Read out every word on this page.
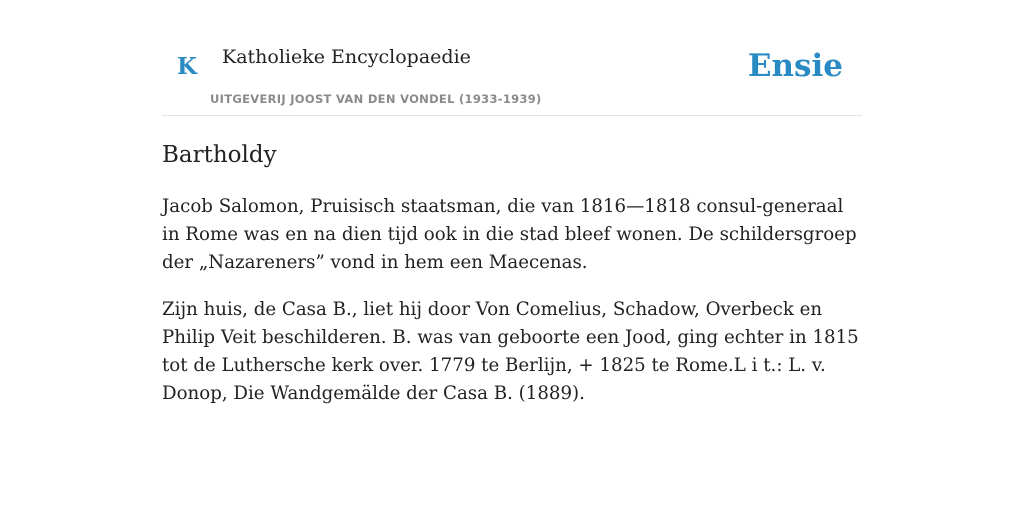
K Katholieke Encyclopaedie
UITGEVERIJ JOOST VAN DEN VONDEL (1933-1939)
Ensie
Bartholdy

Jacob Salomon, Pruisisch staatsman, die van 1816—1818 consul-generaal in Rome was en na dien tijd ook in die stad bleef wonen. De schildersgroep der „Nazareners” vond in hem een Maecenas.

Zijn huis, de Casa B., liet hij door Von Comelius, Schadow, Overbeck en Philip Veit beschilderen. B. was van geboorte een Jood, ging echter in 1815 tot de Luthersche kerk over. 1779 te Berlijn, + 1825 te Rome.L i t.: L. v. Donop, Die Wandgemälde der Casa B. (1889).
